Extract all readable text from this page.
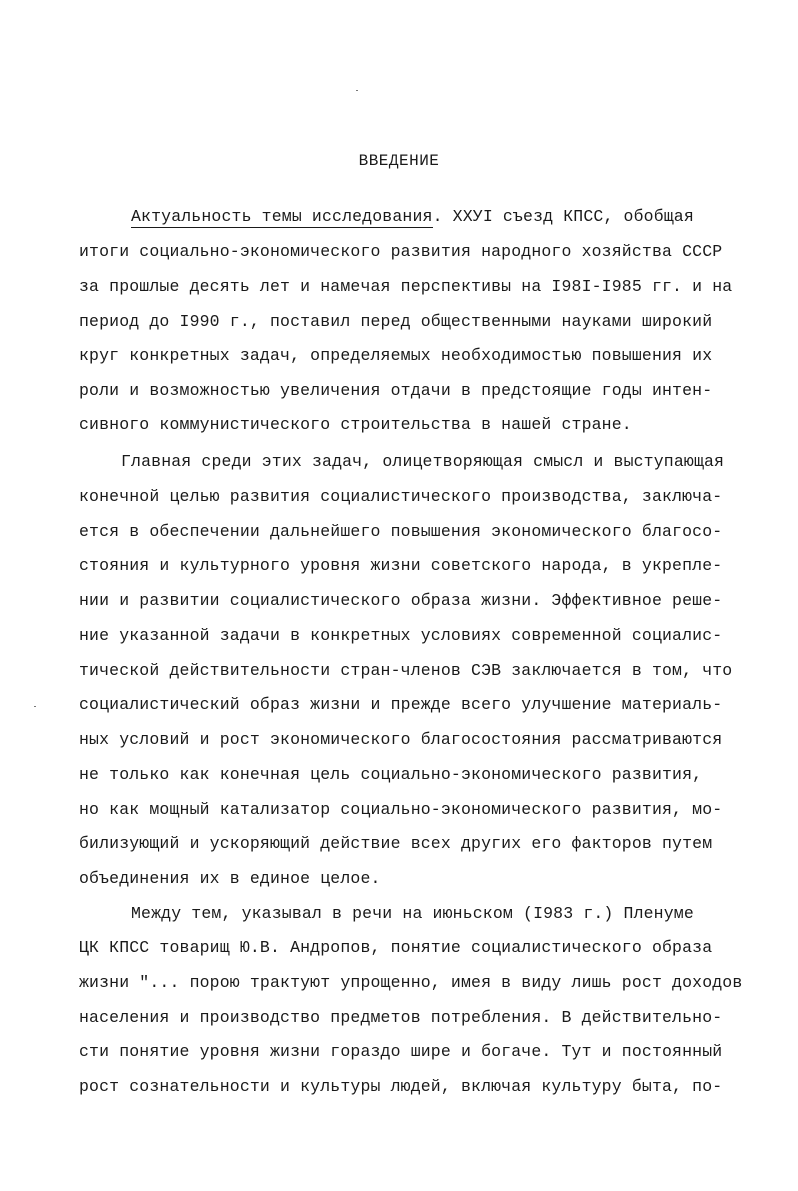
ВВЕДЕНИЕ
Актуальность темы исследования. ХХУI съезд КПСС, обобщая
итоги социально-экономического развития народного хозяйства СССР
за прошлые десять лет и намечая перспективы на I98I-I985 гг. и на
период до I990 г., поставил перед общественными науками широкий
круг конкретных задач, определяемых необходимостью повышения их
роли и возможностью увеличения отдачи в предстоящие годы интен-
сивного коммунистического строительства в нашей стране.
Главная среди этих задач, олицетворяющая смысл и выступающая
конечной целью развития социалистического производства, заключа-
ется в обеспечении дальнейшего повышения экономического благосо-
стояния и культурного уровня жизни советского народа, в укрепле-
нии и развитии социалистического образа жизни. Эффективное реше-
ние указанной задачи в конкретных условиях современной социалис-
тической действительности стран-членов СЭВ заключается в том, что
социалистический образ жизни и прежде всего улучшение материаль-
ных условий и рост экономического благосостояния рассматриваются
не только как конечная цель социально-экономического развития,
но как мощный катализатор социально-экономического развития, мо-
билизующий и ускоряющий действие всех других его факторов путем
объединения их в единое целое.
Между тем, указывал в речи на июньском (I983 г.) Пленуме
ЦК КПСС товарищ Ю.В. Андропов, понятие социалистического образа
жизни "... порою трактуют упрощенно, имея в виду лишь рост доходов
населения и производство предметов потребления. В действительно-
сти понятие уровня жизни гораздо шире и богаче. Тут и постоянный
рост сознательности и культуры людей, включая культуру быта, по-
